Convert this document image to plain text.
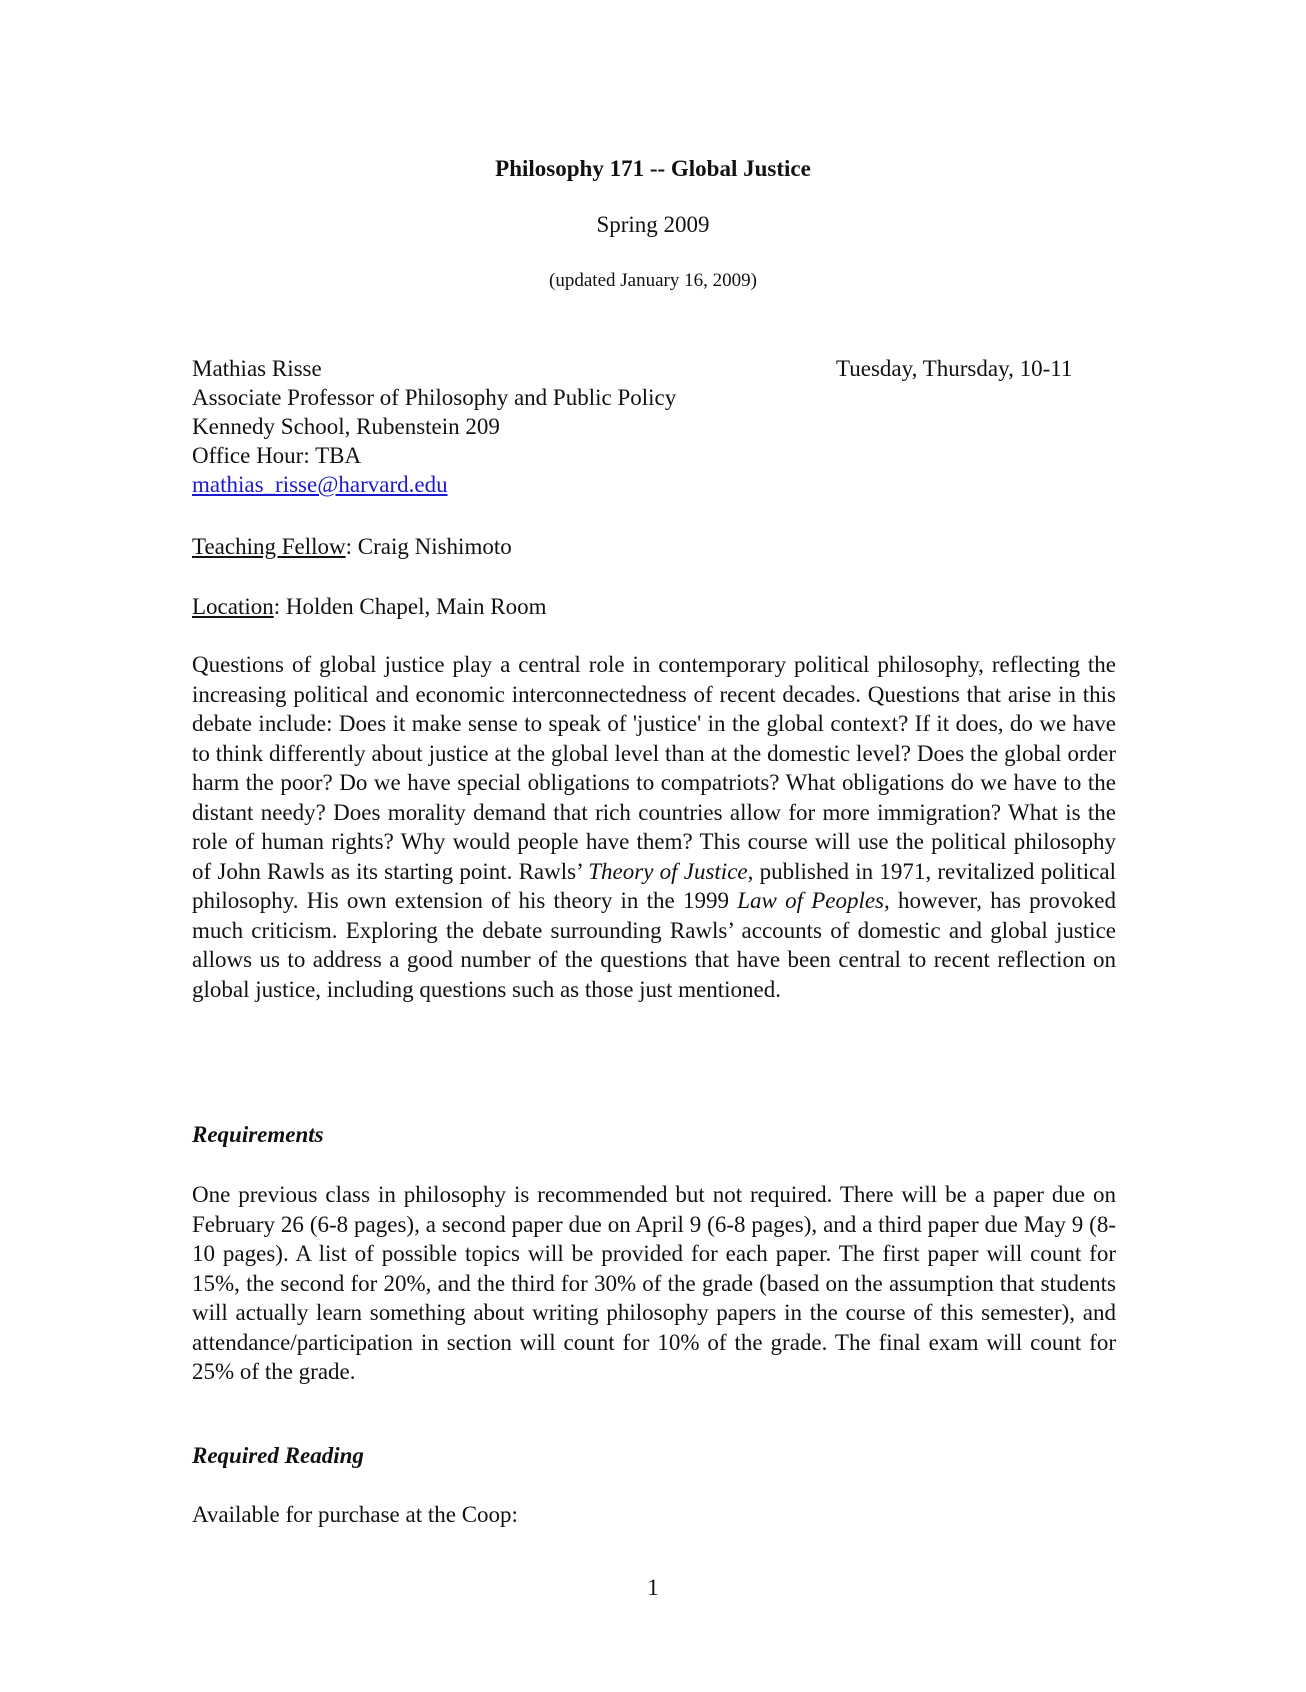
Philosophy 171 -- Global Justice
Spring 2009
(updated January 16, 2009)
Mathias Risse
Associate Professor of Philosophy and Public Policy
Kennedy School, Rubenstein 209
Office Hour: TBA
mathias_risse@harvard.edu
Tuesday, Thursday, 10-11
Teaching Fellow: Craig Nishimoto
Location: Holden Chapel, Main Room

Questions of global justice play a central role in contemporary political philosophy, reflecting the increasing political and economic interconnectedness of recent decades. Questions that arise in this debate include: Does it make sense to speak of 'justice' in the global context? If it does, do we have to think differently about justice at the global level than at the domestic level? Does the global order harm the poor? Do we have special obligations to compatriots? What obligations do we have to the distant needy? Does morality demand that rich countries allow for more immigration? What is the role of human rights? Why would people have them? This course will use the political philosophy of John Rawls as its starting point. Rawls’ Theory of Justice, published in 1971, revitalized political philosophy. His own extension of his theory in the 1999 Law of Peoples, however, has provoked much criticism. Exploring the debate surrounding Rawls’ accounts of domestic and global justice allows us to address a good number of the questions that have been central to recent reflection on global justice, including questions such as those just mentioned.

Requirements

One previous class in philosophy is recommended but not required. There will be a paper due on February 26 (6-8 pages), a second paper due on April 9 (6-8 pages), and a third paper due May 9 (8-10 pages). A list of possible topics will be provided for each paper. The first paper will count for 15%, the second for 20%, and the third for 30% of the grade (based on the assumption that students will actually learn something about writing philosophy papers in the course of this semester), and attendance/participation in section will count for 10% of the grade. The final exam will count for 25% of the grade.

Required Reading
Available for purchase at the Coop:
1
